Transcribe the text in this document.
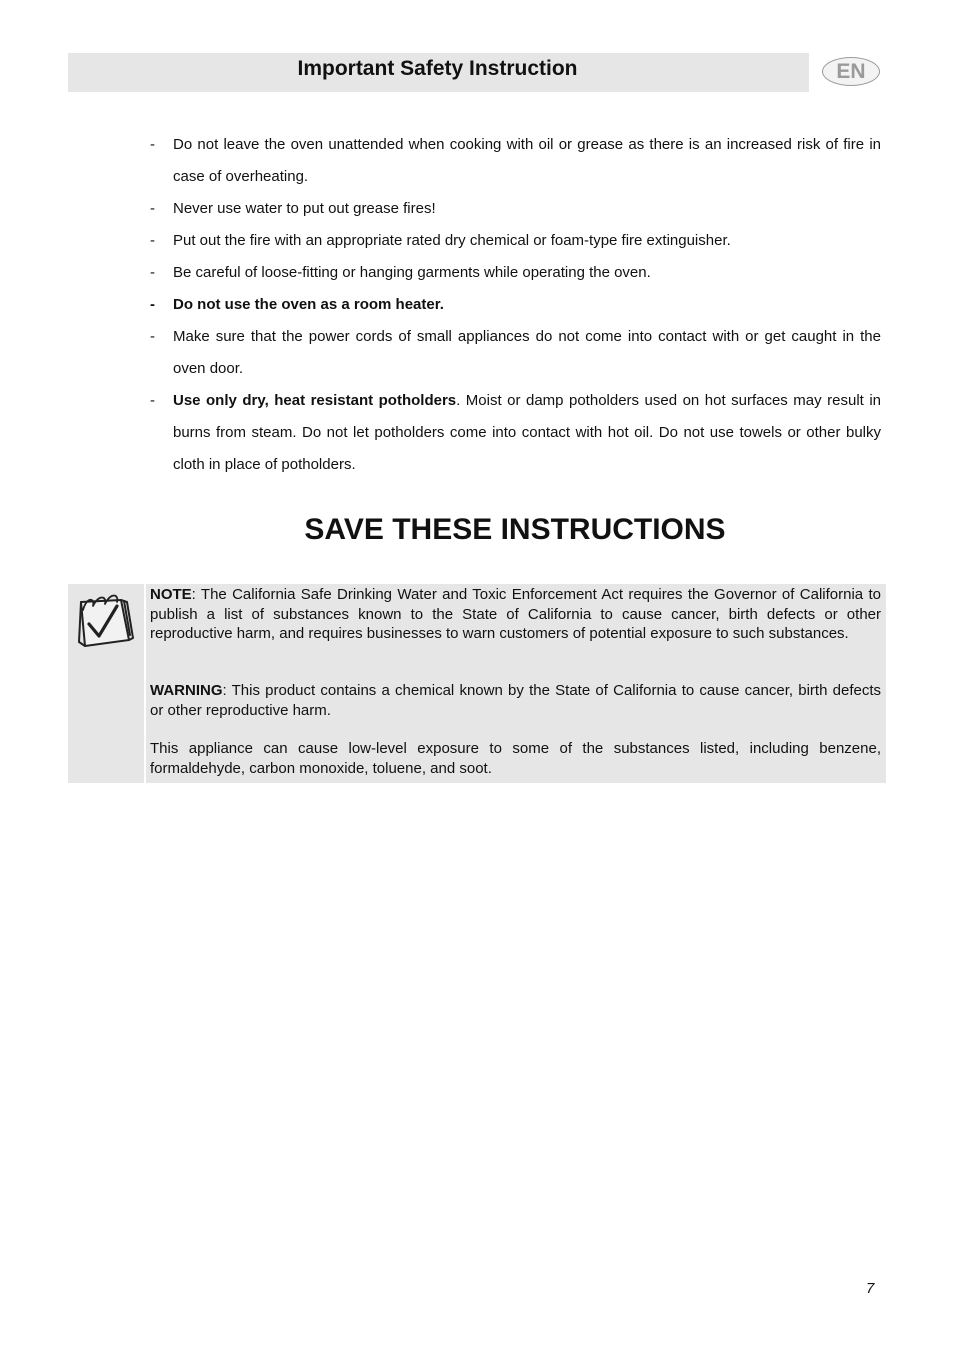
Important Safety Instruction	EN
- Do not leave the oven unattended when cooking with oil or grease as there is an increased risk of fire in case of overheating.
- Never use water to put out grease fires!
- Put out the fire with an appropriate rated dry chemical or foam-type fire extinguisher.
- Be careful of loose-fitting or hanging garments while operating the oven.
- Do not use the oven as a room heater.
- Make sure that the power cords of small appliances do not come into contact with or get caught in the oven door.
- Use only dry, heat resistant potholders. Moist or damp potholders used on hot surfaces may result in burns from steam. Do not let potholders come into contact with hot oil. Do not use towels or other bulky cloth in place of potholders.
SAVE THESE INSTRUCTIONS

NOTE: The California Safe Drinking Water and Toxic Enforcement Act requires the Governor of California to publish a list of substances known to the State of California to cause cancer, birth defects or other reproductive harm, and requires businesses to warn customers of potential exposure to such substances.

WARNING: This product contains a chemical known by the State of California to cause cancer, birth defects or other reproductive harm.

This appliance can cause low-level exposure to some of the substances listed, including benzene, formaldehyde, carbon monoxide, toluene, and soot.

7
